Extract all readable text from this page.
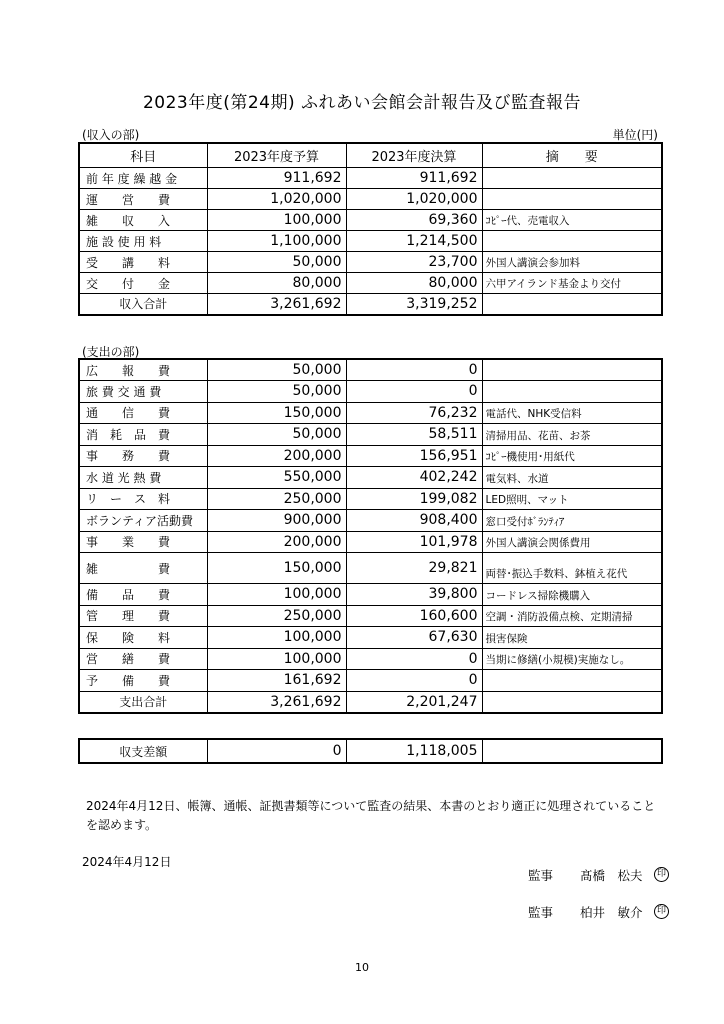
2023年度(第24期) ふれあい会館会計報告及び監査報告
(収入の部)	単位(円)
科目	2023年度予算	2023年度決算	摘　　要
前 年 度 繰 越 金	911,692	911,692	
運　　営　　費	1,020,000	1,020,000	
雑　　収　　入	100,000	69,360	ｺﾋﾟｰ代、売電収入
施 設 使 用 料	1,100,000	1,214,500	
受　　講　　料	50,000	23,700	外国人講演会参加料
交　　付　　金	80,000	80,000	六甲アイランド基金より交付
収入合計	3,261,692	3,319,252	
(支出の部)
広　　報　　費	50,000	0	
旅 費 交 通 費	50,000	0	
通　　信　　費	150,000	76,232	電話代、NHK受信料
消　耗　品　費	50,000	58,511	清掃用品、花苗、お茶
事　　務　　費	200,000	156,951	ｺﾋﾟｰ機使用･用紙代
水 道 光 熱 費	550,000	402,242	電気料、水道
リ　ー　ス　料	250,000	199,082	LED照明、マット
ボランティア活動費	900,000	908,400	窓口受付ﾎﾞﾗﾝﾃｨｱ
事　　業　　費	200,000	101,978	外国人講演会関係費用
雑　　　　　費	150,000	29,821	両替･振込手数料、鉢植え花代
備　　品　　費	100,000	39,800	コードレス掃除機購入
管　　理　　費	250,000	160,600	空調・消防設備点検、定期清掃
保　　険　　料	100,000	67,630	損害保険
営　　繕　　費	100,000	0	当期に修繕(小規模)実施なし。
予　　備　　費	161,692	0	
支出合計	3,261,692	2,201,247	
収支差額	0	1,118,005	
2024年4月12日、帳簿、通帳、証拠書類等について監査の結果、本書のとおり適正に処理されていることを認めます。
2024年4月12日
監事 髙橋　松夫	印
監事 柏井　敏介	印
10
